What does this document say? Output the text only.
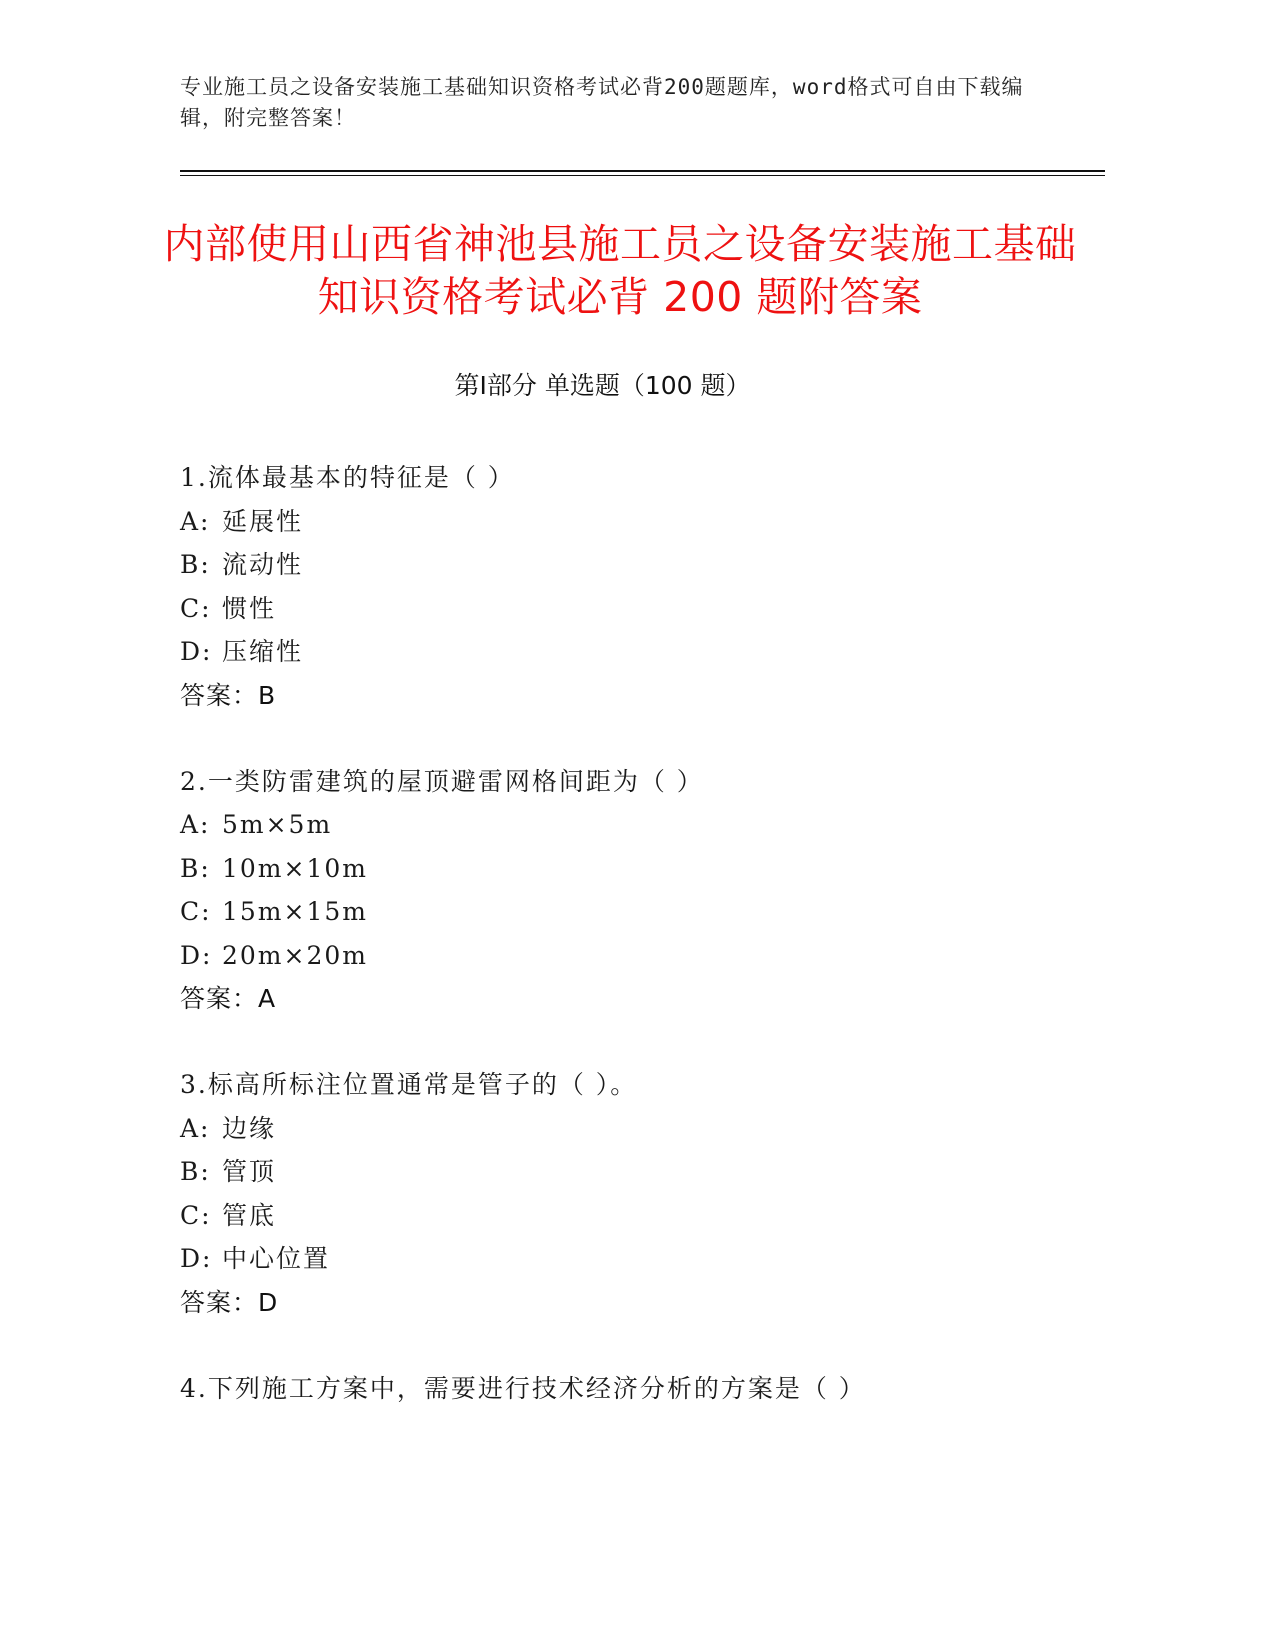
专业施工员之设备安装施工基础知识资格考试必背200题题库，word格式可自由下载编辑，附完整答案！
内部使用山西省神池县施工员之设备安装施工基础知识资格考试必背 200 题附答案
第Ⅰ部分 单选题（100 题）
1.流体最基本的特征是（ ）
A: 延展性
B: 流动性
C: 惯性
D: 压缩性
答案：B
2.一类防雷建筑的屋顶避雷网格间距为（ ）
A: 5m×5m
B: 10m×10m
C: 15m×15m
D: 20m×20m
答案：A
3.标高所标注位置通常是管子的（ ）。
A: 边缘
B: 管顶
C: 管底
D: 中心位置
答案：D
4.下列施工方案中，需要进行技术经济分析的方案是（ ）
